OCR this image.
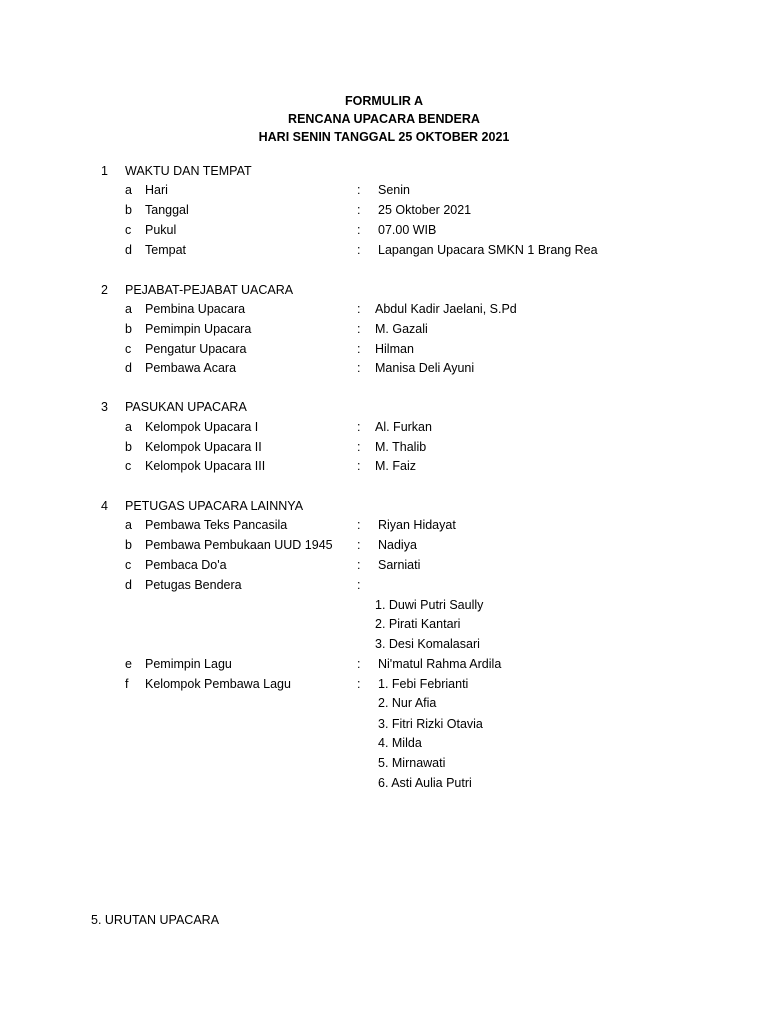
FORMULIR A
RENCANA UPACARA BENDERA
HARI SENIN TANGGAL 25 OKTOBER 2021
1 WAKTU DAN TEMPAT
a Hari	: Senin
b Tanggal	: 25 Oktober 2021
c Pukul	: 07.00 WIB
d Tempat	: Lapangan Upacara SMKN 1 Brang Rea
2 PEJABAT-PEJABAT UACARA
a Pembina Upacara	: Abdul Kadir Jaelani, S.Pd
b Pemimpin Upacara	: M. Gazali
c Pengatur Upacara	: Hilman
d Pembawa Acara	: Manisa Deli Ayuni
3 PASUKAN UPACARA
a Kelompok Upacara I	: Al. Furkan
b Kelompok Upacara II	: M. Thalib
c Kelompok Upacara III	: M. Faiz
4 PETUGAS UPACARA LAINNYA
a Pembawa Teks Pancasila	: Riyan Hidayat
b Pembawa Pembukaan UUD 1945 : Nadiya
c Pembaca Do'a	: Sarniati
d Petugas Bendera	:
1. Duwi Putri Saully
2. Pirati Kantari
3. Desi Komalasari
e Pemimpin Lagu	: Ni'matul Rahma Ardila
f Kelompok Pembawa Lagu	: 1. Febi Febrianti
2. Nur Afia
3. Fitri Rizki Otavia
4. Milda
5. Mirnawati
6. Asti Aulia Putri
5. URUTAN UPACARA
